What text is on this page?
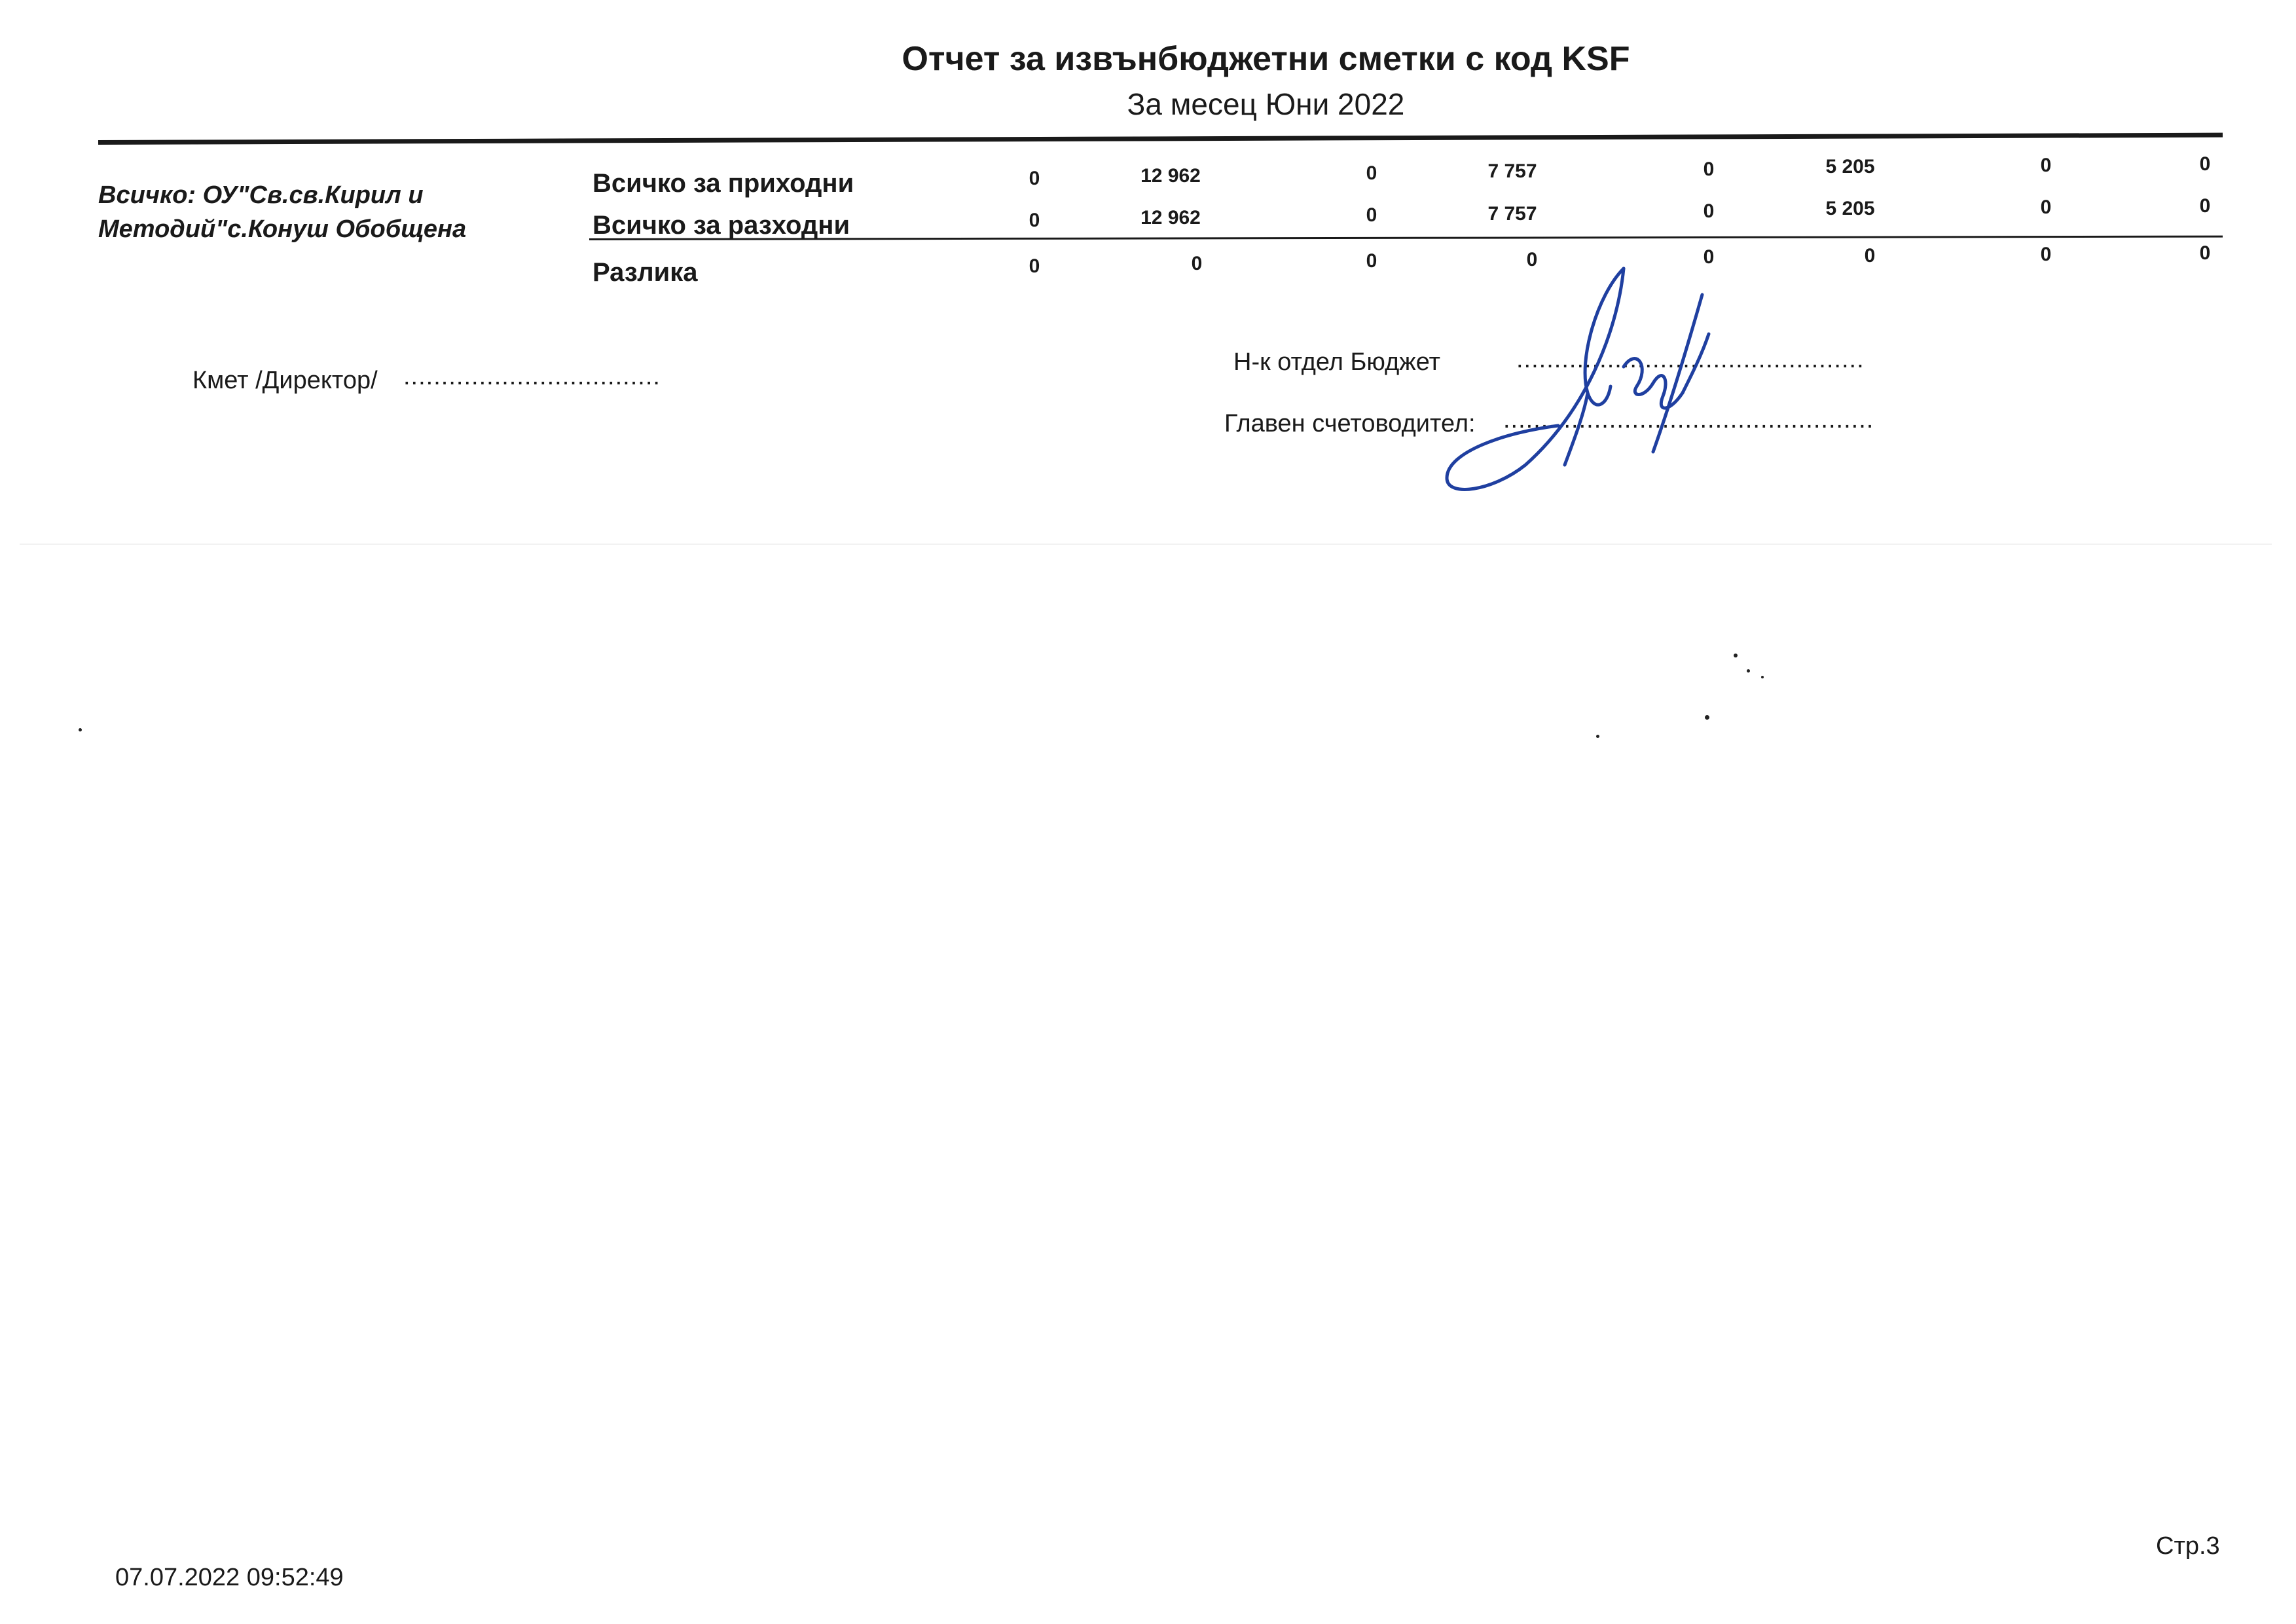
Отчет за извънбюджетни сметки с код KSF
За месец Юни 2022
Всичко: ОУ"Св.св.Кирил и Методий"с.Конуш Обобщена
Всичко за приходни	0	12 962	0	7 757	0	5 205	0	0
Всичко за разходни	0	12 962	0	7 757	0	5 205	0	0
Разлика	0	0	0	0	0	0	0	0
Кмет /Директор/ ..................................
Н-к отдел Бюджет	..............................................
Главен счетоводител: .................................................
07.07.2022 09:52:49
Стр.3
